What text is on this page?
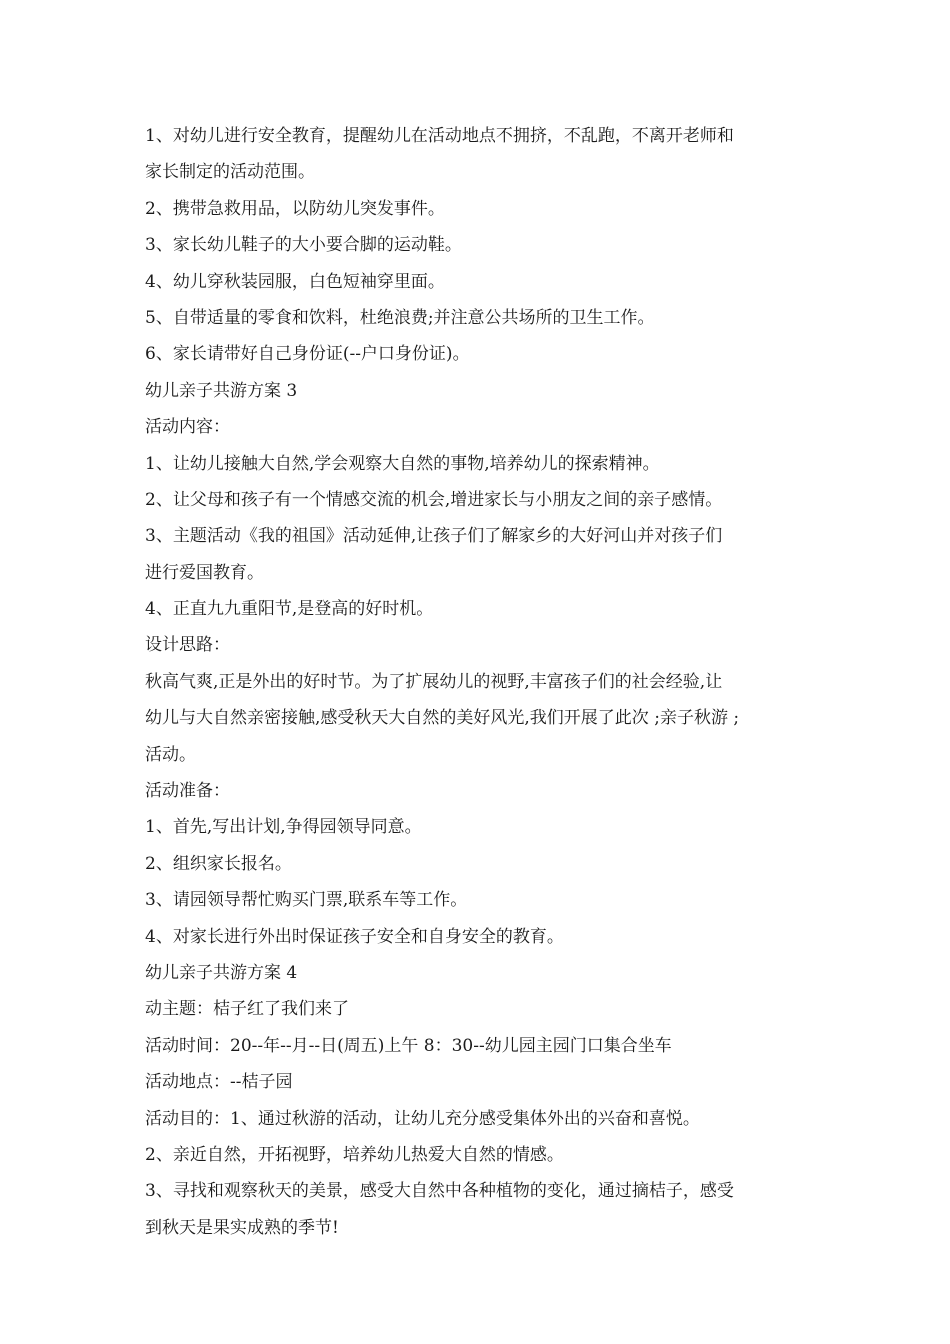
1、对幼儿进行安全教育，提醒幼儿在活动地点不拥挤，不乱跑，不离开老师和
家长制定的活动范围。
2、携带急救用品，以防幼儿突发事件。
3、家长幼儿鞋子的大小要合脚的运动鞋。
4、幼儿穿秋装园服，白色短袖穿里面。
5、自带适量的零食和饮料，杜绝浪费;并注意公共场所的卫生工作。
6、家长请带好自己身份证(--户口身份证)。
幼儿亲子共游方案 3
活动内容：
1、让幼儿接触大自然,学会观察大自然的事物,培养幼儿的探索精神。
2、让父母和孩子有一个情感交流的机会,增进家长与小朋友之间的亲子感情。
3、主题活动《我的祖国》活动延伸,让孩子们了解家乡的大好河山并对孩子们
进行爱国教育。
4、正直九九重阳节,是登高的好时机。
设计思路：
秋高气爽,正是外出的好时节。为了扩展幼儿的视野,丰富孩子们的社会经验,让
幼儿与大自然亲密接触,感受秋天大自然的美好风光,我们开展了此次 ;亲子秋游 ;
活动。
活动准备：
1、首先,写出计划,争得园领导同意。
2、组织家长报名。
3、请园领导帮忙购买门票,联系车等工作。
4、对家长进行外出时保证孩子安全和自身安全的教育。
幼儿亲子共游方案 4
动主题：桔子红了我们来了
活动时间：20--年--月--日(周五)上午 8：30--幼儿园主园门口集合坐车
活动地点：--桔子园
活动目的：1、通过秋游的活动，让幼儿充分感受集体外出的兴奋和喜悦。
2、亲近自然，开拓视野，培养幼儿热爱大自然的情感。
3、寻找和观察秋天的美景，感受大自然中各种植物的变化，通过摘桔子，感受
到秋天是果实成熟的季节!
